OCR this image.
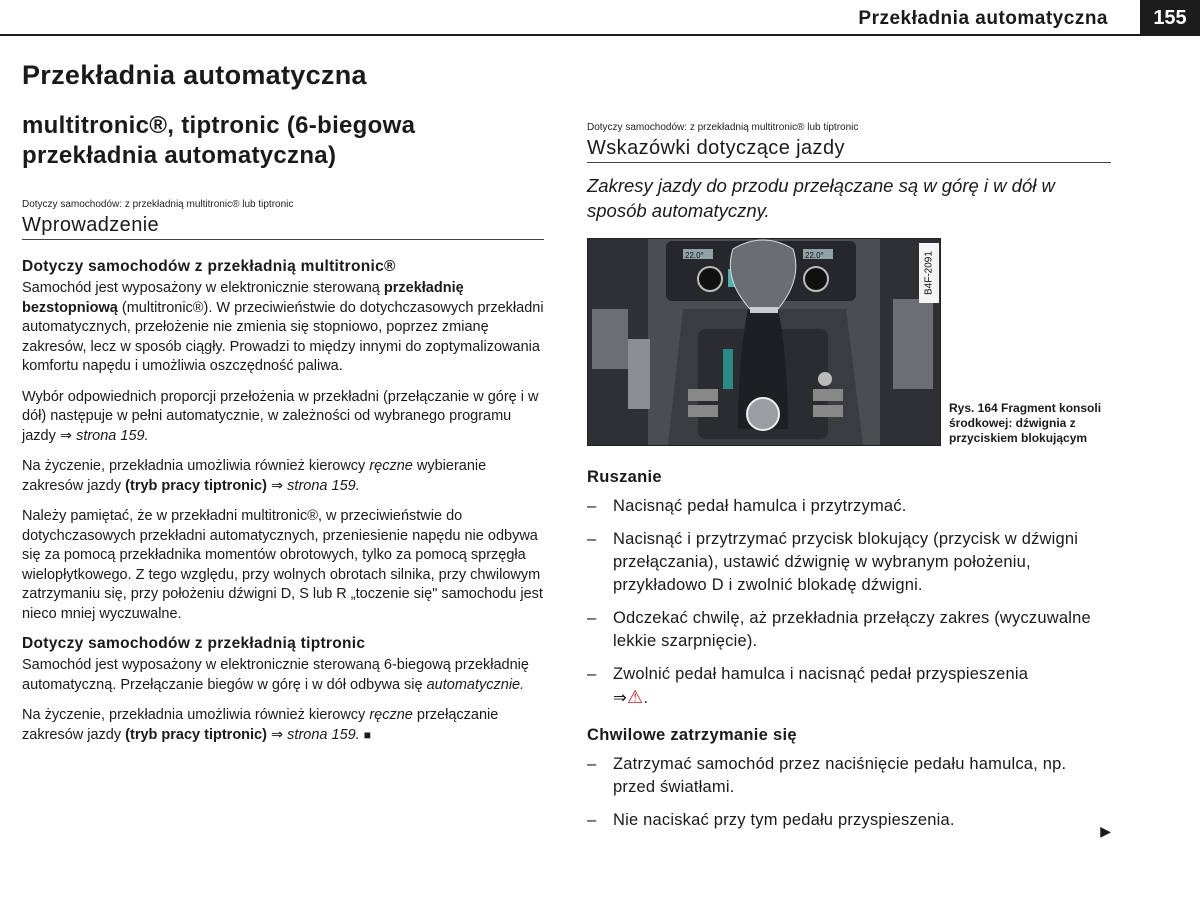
Przekładnia automatyczna	155
Przekładnia automatyczna
multitronic®, tiptronic (6-biegowa przekładnia automatyczna)
Dotyczy samochodów: z przekładnią multitronic® lub tiptronic
Wprowadzenie
Dotyczy samochodów z przekładnią multitronic®

Samochód jest wyposażony w elektronicznie sterowaną przekładnię bezstopniową (multitronic®). W przeciwieństwie do dotychczasowych przekładni automatycznych, przełożenie nie zmienia się stopniowo, poprzez zmianę zakresów, lecz w sposób ciągły. Prowadzi to między innymi do zoptymalizowania komfortu napędu i umożliwia oszczędność paliwa.

Wybór odpowiednich proporcji przełożenia w przekładni (przełączanie w górę i w dół) następuje w pełni automatycznie, w zależności od wybranego programu jazdy ⇒ strona 159.

Na życzenie, przekładnia umożliwia również kierowcy ręczne wybieranie zakresów jazdy (tryb pracy tiptronic) ⇒ strona 159.

Należy pamiętać, że w przekładni multitronic®, w przeciwieństwie do dotychczasowych przekładni automatycznych, przeniesienie napędu nie odbywa się za pomocą przekładnika momentów obrotowych, tylko za pomocą sprzęgła wielopłytkowego. Z tego względu, przy wolnych obrotach silnika, przy chwilowym zatrzymaniu się, przy położeniu dźwigni D, S lub R „toczenie się" samochodu jest nieco mniej wyczuwalne.

Dotyczy samochodów z przekładnią tiptronic

Samochód jest wyposażony w elektronicznie sterowaną 6-biegową przekładnię automatyczną. Przełączanie biegów w górę i w dół odbywa się automatycznie.

Na życzenie, przekładnia umożliwia również kierowcy ręczne przełączanie zakresów jazdy (tryb pracy tiptronic) ⇒ strona 159. ■

Dotyczy samochodów: z przekładnią multitronic® lub tiptronic
Wskazówki dotyczące jazdy
Zakresy jazdy do przodu przełączane są w górę i w dół w sposób automatyczny.
22.0°	22.0°	B4F-2091
Rys. 164 Fragment konsoli środkowej: dźwignia z przyciskiem blokującym
Ruszanie
– Nacisnąć pedał hamulca i przytrzymać.
– Nacisnąć i przytrzymać przycisk blokujący (przycisk w dźwigni przełączania), ustawić dźwignię w wybranym położeniu, przykładowo D i zwolnić blokadę dźwigni.
– Odczekać chwilę, aż przekładnia przełączy zakres (wyczuwalne lekkie szarpnięcie).
– Zwolnić pedał hamulca i nacisnąć pedał przyspieszenia
⇒⚠.
Chwilowe zatrzymanie się
– Zatrzymać samochód przez naciśnięcie pedału hamulca, np. przed światłami.
– Nie naciskać przy tym pedału przyspieszenia.
▶
